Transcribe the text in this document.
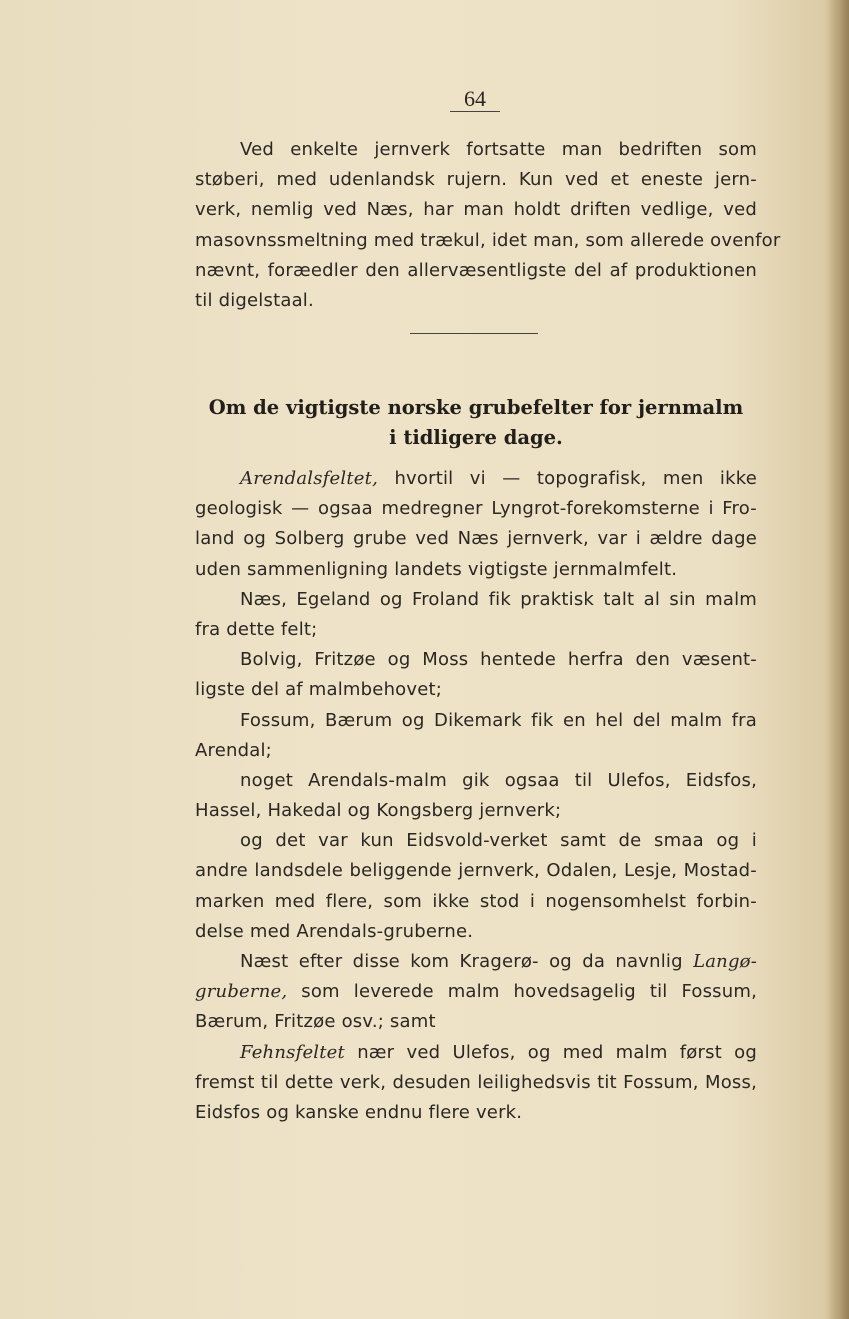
64
Ved enkelte jernverk fortsatte man bedriften som
støberi, med udenlandsk rujern. Kun ved et eneste jern-
verk, nemlig ved Næs, har man holdt driften vedlige, ved
masovnssmeltning med trækul, idet man, som allerede ovenfor
nævnt, foræedler den allervæsentligste del af produktionen
til digelstaal.
Om de vigtigste norske grubefelter for jernmalm
i tidligere dage.
Arendalsfeltet, hvortil vi — topografisk, men ikke
geologisk — ogsaa medregner Lyngrot-forekomsterne i Fro-
land og Solberg grube ved Næs jernverk, var i ældre dage
uden sammenligning landets vigtigste jernmalmfelt.
Næs, Egeland og Froland fik praktisk talt al sin malm
fra dette felt;
Bolvig, Fritzøe og Moss hentede herfra den væsent-
ligste del af malmbehovet;
Fossum, Bærum og Dikemark fik en hel del malm fra
Arendal;
noget Arendals-malm gik ogsaa til Ulefos, Eidsfos,
Hassel, Hakedal og Kongsberg jernverk;
og det var kun Eidsvold-verket samt de smaa og i
andre landsdele beliggende jernverk, Odalen, Lesje, Mostad-
marken med flere, som ikke stod i nogensomhelst forbin-
delse med Arendals-gruberne.
Næst efter disse kom Kragerø- og da navnlig Langø-
gruberne, som leverede malm hovedsagelig til Fossum,
Bærum, Fritzøe osv.; samt
Fehnsfeltet nær ved Ulefos, og med malm først og
fremst til dette verk, desuden leilighedsvis tit Fossum, Moss,
Eidsfos og kanske endnu flere verk.
